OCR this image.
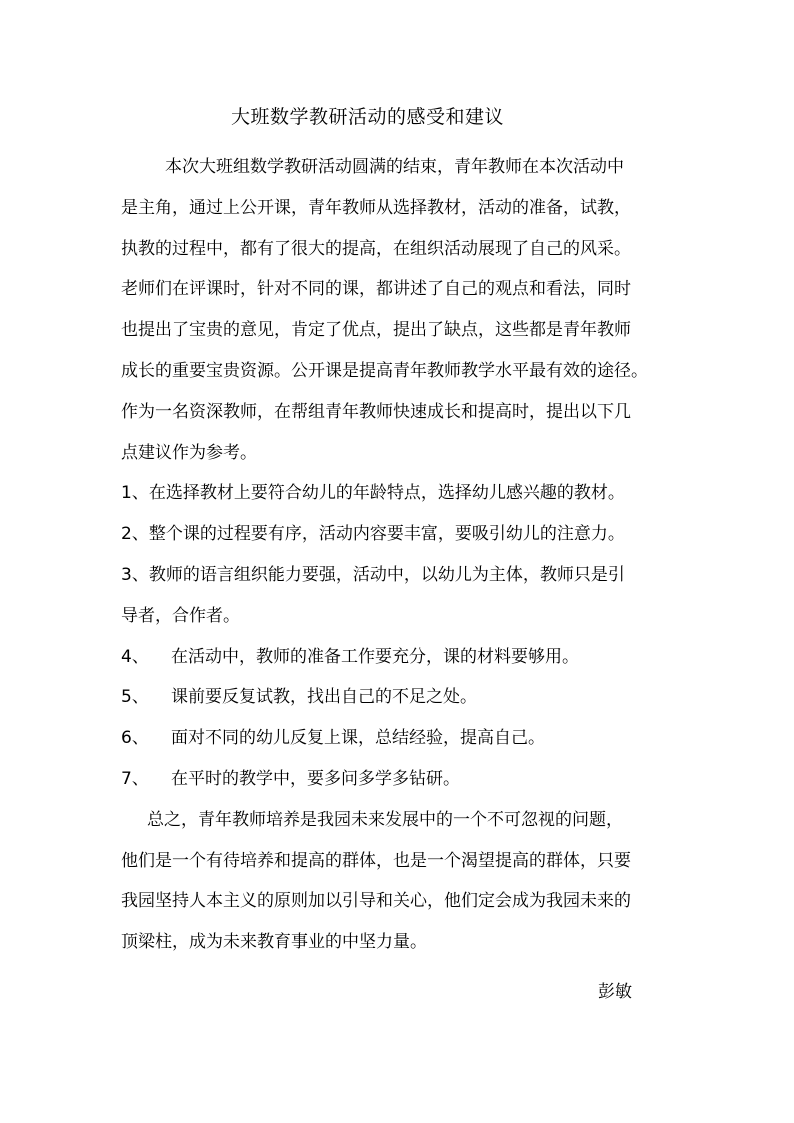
大班数学教研活动的感受和建议
本次大班组数学教研活动圆满的结束，青年教师在本次活动中
是主角，通过上公开课，青年教师从选择教材，活动的准备，试教，
执教的过程中，都有了很大的提高，在组织活动展现了自己的风采。
老师们在评课时，针对不同的课，都讲述了自己的观点和看法，同时
也提出了宝贵的意见，肯定了优点，提出了缺点，这些都是青年教师
成长的重要宝贵资源。公开课是提高青年教师教学水平最有效的途径。
作为一名资深教师，在帮组青年教师快速成长和提高时，提出以下几
点建议作为参考。
1、在选择教材上要符合幼儿的年龄特点，选择幼儿感兴趣的教材。
2、整个课的过程要有序，活动内容要丰富，要吸引幼儿的注意力。
3、教师的语言组织能力要强，活动中，以幼儿为主体，教师只是引
导者，合作者。
4、	在活动中，教师的准备工作要充分，课的材料要够用。
5、	课前要反复试教，找出自己的不足之处。
6、	面对不同的幼儿反复上课，总结经验，提高自己。
7、	在平时的教学中，要多问多学多钻研。
总之，青年教师培养是我园未来发展中的一个不可忽视的问题，
他们是一个有待培养和提高的群体，也是一个渴望提高的群体，只要
我园坚持人本主义的原则加以引导和关心，他们定会成为我园未来的
顶梁柱，成为未来教育事业的中坚力量。
彭敏
